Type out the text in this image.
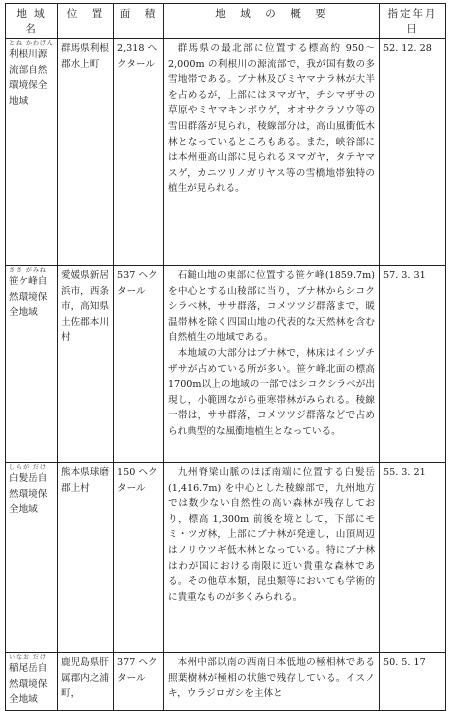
地 域 名	位　置	面　積	地　域　の　概　要	指定年月日

とね かわげん
利根川源流部自然環境保全地域	群馬県利根郡水上町	2,318 ヘクタール	群馬県の最北部に位置する標高約 950〜2,000m の利根川の源流部で，我が国有数の多雪地帯である。ブナ林及びミヤマナラ林が大半を占めるが，上部にはヌマガヤ，チシマザサの草原やミヤマキンポウゲ，オオサクラソウ等の雪田群落が見られ，稜線部分は，高山風衝低木林となっているところもある。また，峡谷部には本州亜高山部に見られるヌマガヤ，タテヤマスゲ，カニツリノガリヤス等の雪橋地帯独特の植生が見られる。	52. 12. 28

ささ がみね
笹ケ峰自然環境保全地域	愛媛県新居浜市，西条市，高知県土佐郡本川村	537 ヘクタール	石鎚山地の東部に位置する笹ケ峰(1859.7m)を中心とする山稜部に当り，ブナ林からシコクシラベ林，ササ群落，コメツツジ群落まで，暖温帯林を除く四国山地の代表的な天然林を含む自然植生の地域である。
本地域の大部分はブナ林で，林床はイシヅチザサが占めている所が多い。笹ケ峰北面の標高1700m以上の地域の一部ではシコクシラベが出現し，小範囲ながら亜寒帯林がみられる。稜線一帯は，ササ群落，コメツツジ群落などで占められ典型的な風衝地植生となっている。	57. 3. 31

しらが だけ
白髪岳自然環境保全地域	熊本県球磨郡上村	150 ヘクタール	九州脊梁山脈のほぼ南端に位置する白髪岳 (1,416.7m) を中心とした稜線部で，九州地方では数少ない自然性の高い森林が残存しており，標高 1,300m 前後を境として，下部にモミ・ツガ林，上部にブナ林が発達し，山頂周辺はノリウツギ低木林となっている。特にブナ林はわが国における南限に近い貴重な森林である。その他草本類，昆虫類等においても学術的に貴重なものが多くみられる。	55. 3. 21

いなお だけ
稲尾岳自然環境保全地域	鹿児島県肝属郡内之浦町，	377 ヘクタール	本州中部以南の西南日本低地の極相林である照葉樹林が極相の状態で残存している。イスノキ，ウラジロガシを主体と	50. 5. 17
